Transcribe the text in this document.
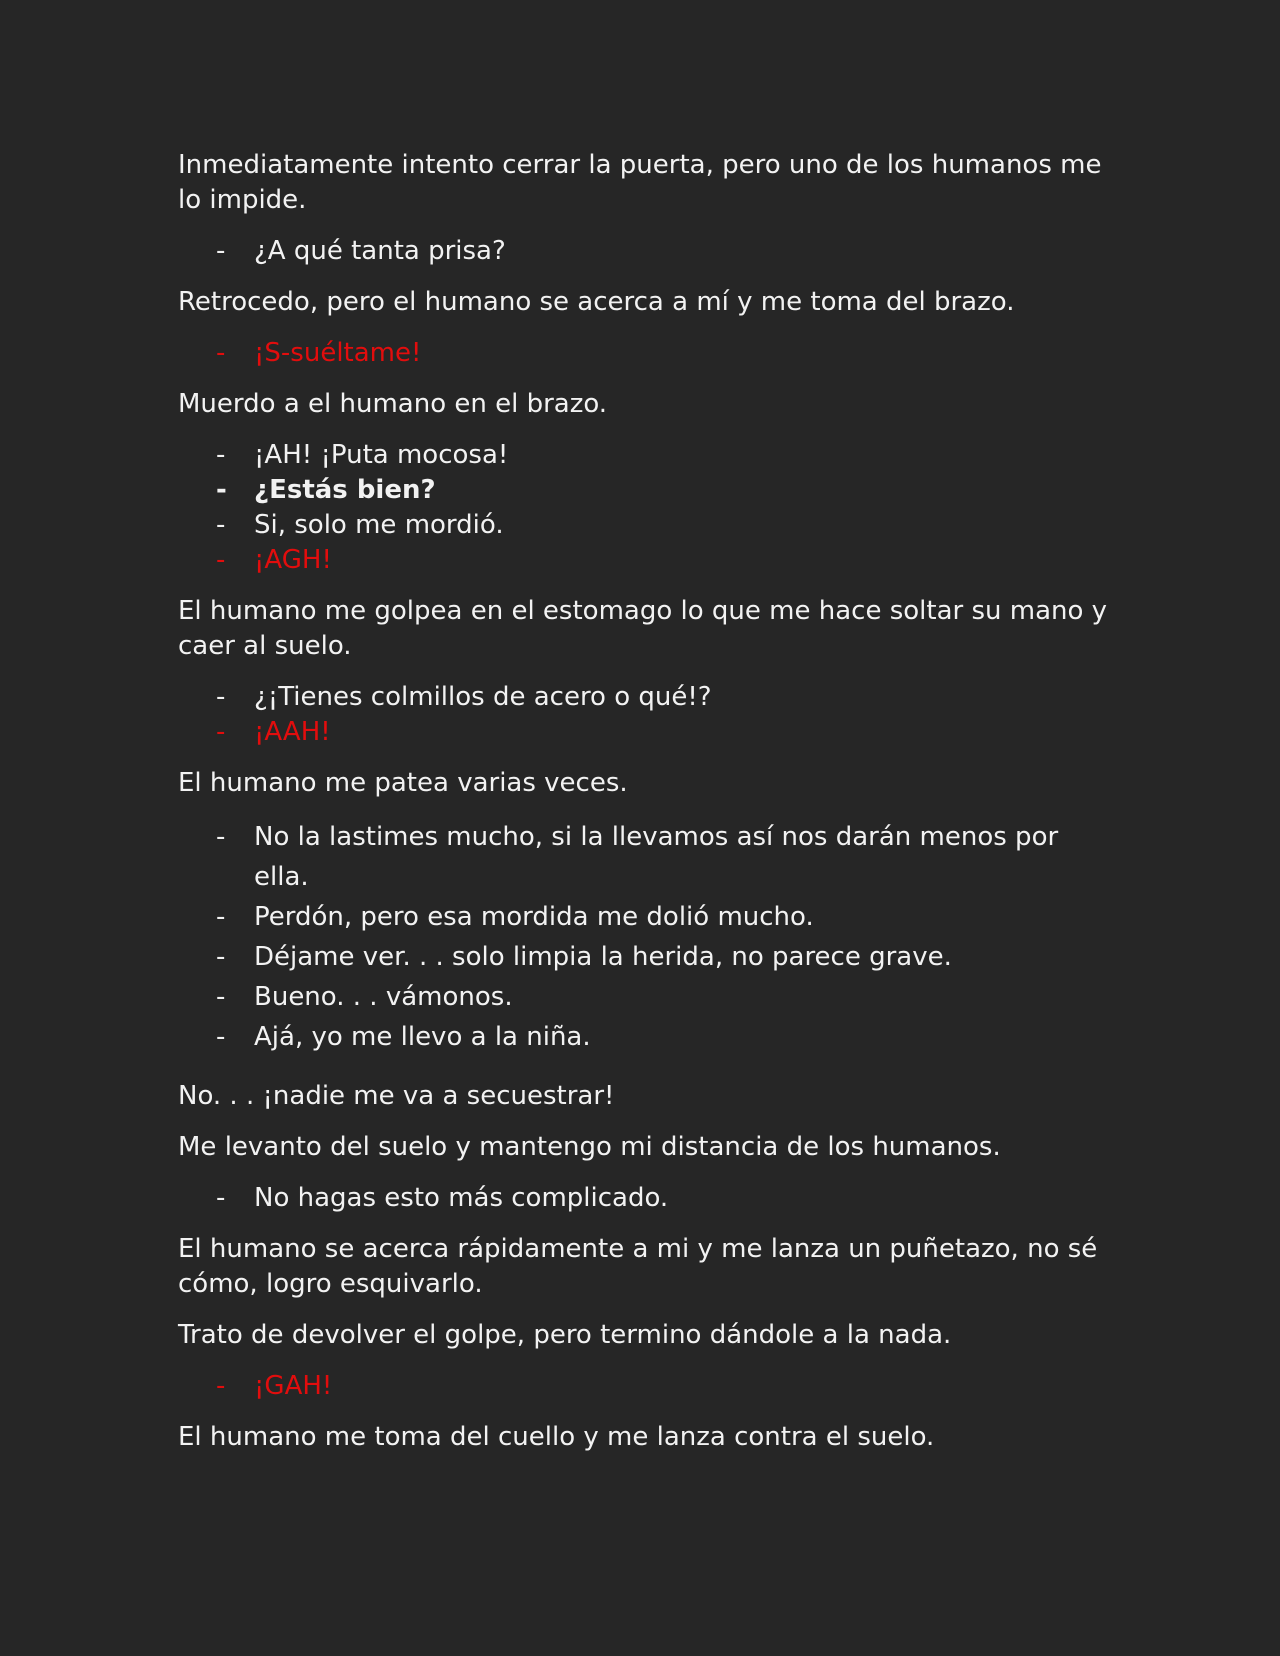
Inmediatamente intento cerrar la puerta, pero uno de los humanos me lo impide.

- ¿A qué tanta prisa?

Retrocedo, pero el humano se acerca a mí y me toma del brazo.

- ¡S-suéltame!

Muerdo a el humano en el brazo.

- ¡AH! ¡Puta mocosa!
- ¿Estás bien?
- Si, solo me mordió.
- ¡AGH!

El humano me golpea en el estomago lo que me hace soltar su mano y caer al suelo.

- ¿¡Tienes colmillos de acero o qué!?
- ¡AAH!

El humano me patea varias veces.

- No la lastimes mucho, si la llevamos así nos darán menos por ella.
- Perdón, pero esa mordida me dolió mucho.
- Déjame ver. . . solo limpia la herida, no parece grave.
- Bueno. . . vámonos.
- Ajá, yo me llevo a la niña.

No. . . ¡nadie me va a secuestrar!

Me levanto del suelo y mantengo mi distancia de los humanos.

- No hagas esto más complicado.

El humano se acerca rápidamente a mi y me lanza un puñetazo, no sé cómo, logro esquivarlo.

Trato de devolver el golpe, pero termino dándole a la nada.

- ¡GAH!

El humano me toma del cuello y me lanza contra el suelo.
